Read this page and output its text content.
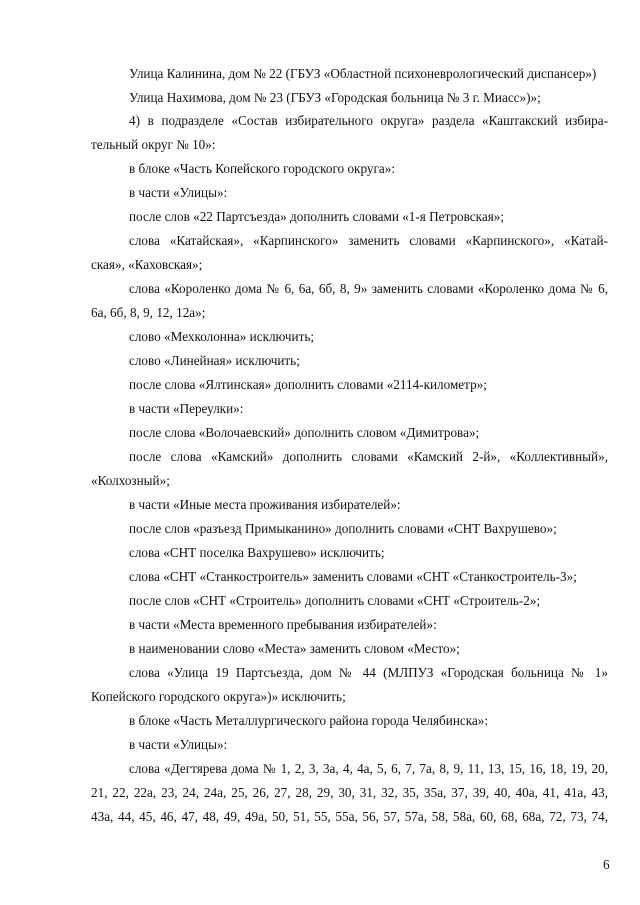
Улица Калинина, дом № 22 (ГБУЗ «Областной психоневрологический диспансер»)
Улица Нахимова, дом № 23 (ГБУЗ «Городская больница № 3 г. Миасс»)»;
4) в подразделе «Состав избирательного округа» раздела «Каштакский избира-
тельный округ № 10»:
в блоке «Часть Копейского городского округа»:
в части «Улицы»:
после слов «22 Партсъезда» дополнить словами «1-я Петровская»;
слова «Катайская», «Карпинского» заменить словами «Карпинского», «Катай-
ская», «Каховская»;
слова «Короленко дома № 6, 6а, 6б, 8, 9» заменить словами «Короленко дома № 6,
6а, 6б, 8, 9, 12, 12а»;
слово «Мехколонна» исключить;
слово «Линейная» исключить;
после слова «Ялтинская» дополнить словами «2114-километр»;
в части «Переулки»:
после слова «Волочаевский» дополнить словом «Димитрова»;
после слова «Камский» дополнить словами «Камский 2-й», «Коллективный»,
«Колхозный»;
в части «Иные места проживания избирателей»:
после слов «разъезд Примыканино» дополнить словами «СНТ Вахрушево»;
слова «СНТ поселка Вахрушево» исключить;
слова «СНТ «Станкостроитель» заменить словами «СНТ «Станкостроитель-3»;
после слов «СНТ «Строитель» дополнить словами «СНТ «Строитель-2»;
в части «Места временного пребывания избирателей»:
в наименовании слово «Места» заменить словом «Место»;
слова «Улица 19 Партсъезда, дом № 44 (МЛПУЗ «Городская больница № 1»
Копейского городского округа»)» исключить;
в блоке «Часть Металлургического района города Челябинска»:
в части «Улицы»:
слова «Дегтярева дома № 1, 2, 3, 3а, 4, 4а, 5, 6, 7, 7а, 8, 9, 11, 13, 15, 16, 18, 19, 20,
21, 22, 22а, 23, 24, 24а, 25, 26, 27, 28, 29, 30, 31, 32, 35, 35а, 37, 39, 40, 40а, 41, 41а, 43,
43а, 44, 45, 46, 47, 48, 49, 49а, 50, 51, 55, 55а, 56, 57, 57а, 58, 58а, 60, 68, 68а, 72, 73, 74,
6
